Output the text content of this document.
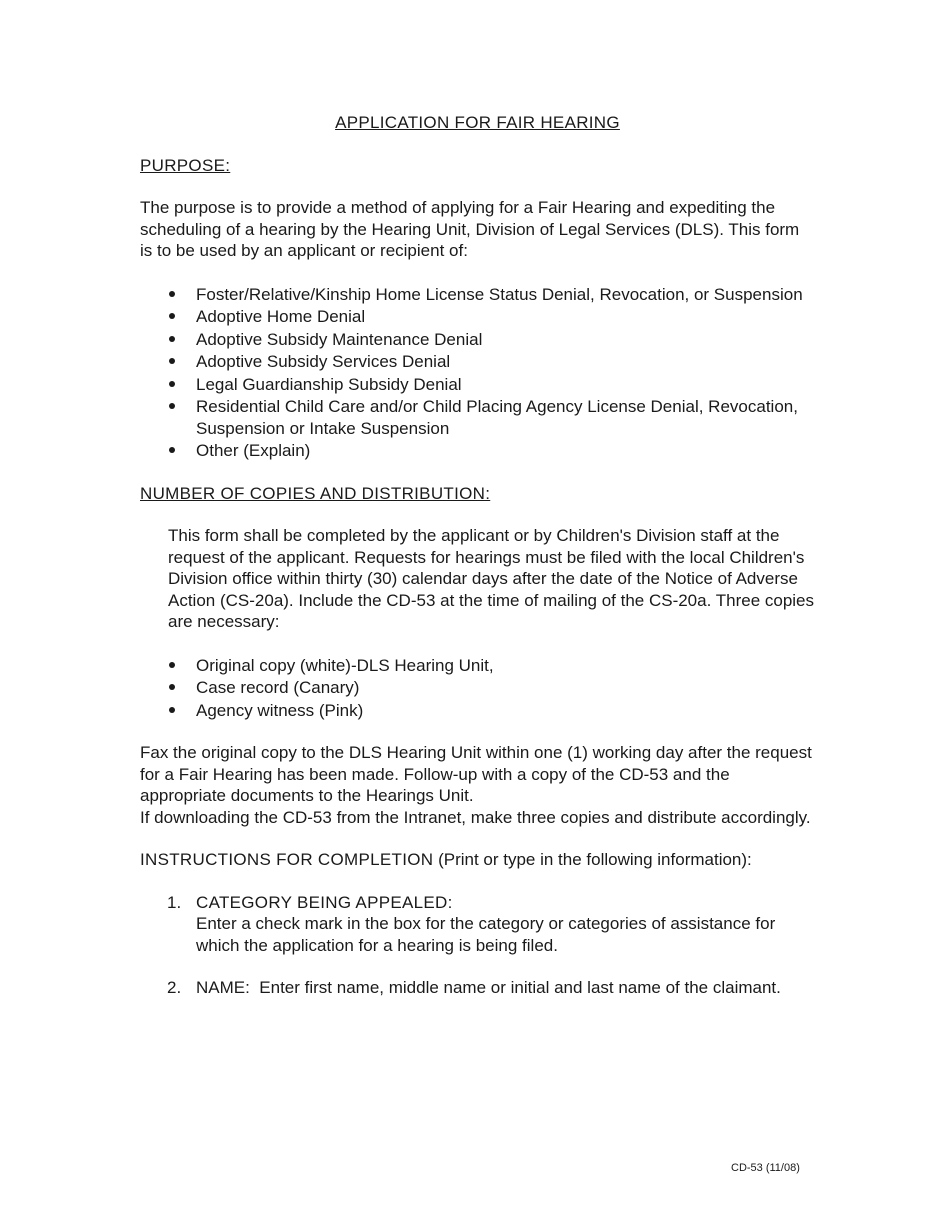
APPLICATION FOR FAIR HEARING
PURPOSE:

The purpose is to provide a method of applying for a Fair Hearing and expediting the scheduling of a hearing by the Hearing Unit, Division of Legal Services (DLS). This form is to be used by an applicant or recipient of:

Foster/Relative/Kinship Home License Status Denial, Revocation, or Suspension
Adoptive Home Denial
Adoptive Subsidy Maintenance Denial
Adoptive Subsidy Services Denial
Legal Guardianship Subsidy Denial
Residential Child Care and/or Child Placing Agency License Denial, Revocation, Suspension or Intake Suspension
Other (Explain)
NUMBER OF COPIES AND DISTRIBUTION:

This form shall be completed by the applicant or by Children's Division staff at the request of the applicant. Requests for hearings must be filed with the local Children's Division office within thirty (30) calendar days after the date of the Notice of Adverse Action (CS-20a). Include the CD-53 at the time of mailing of the CS-20a. Three copies are necessary:

Original copy (white)-DLS Hearing Unit,
Case record (Canary)
Agency witness (Pink)
Fax the original copy to the DLS Hearing Unit within one (1) working day after the request for a Fair Hearing has been made. Follow-up with a copy of the CD-53 and the appropriate documents to the Hearings Unit.
If downloading the CD-53 from the Intranet, make three copies and distribute accordingly.
INSTRUCTIONS FOR COMPLETION (Print or type in the following information):
1. CATEGORY BEING APPEALED:
Enter a check mark in the box for the category or categories of assistance for which the application for a hearing is being filed.
2. NAME:  Enter first name, middle name or initial and last name of the claimant.
CD-53 (11/08)
